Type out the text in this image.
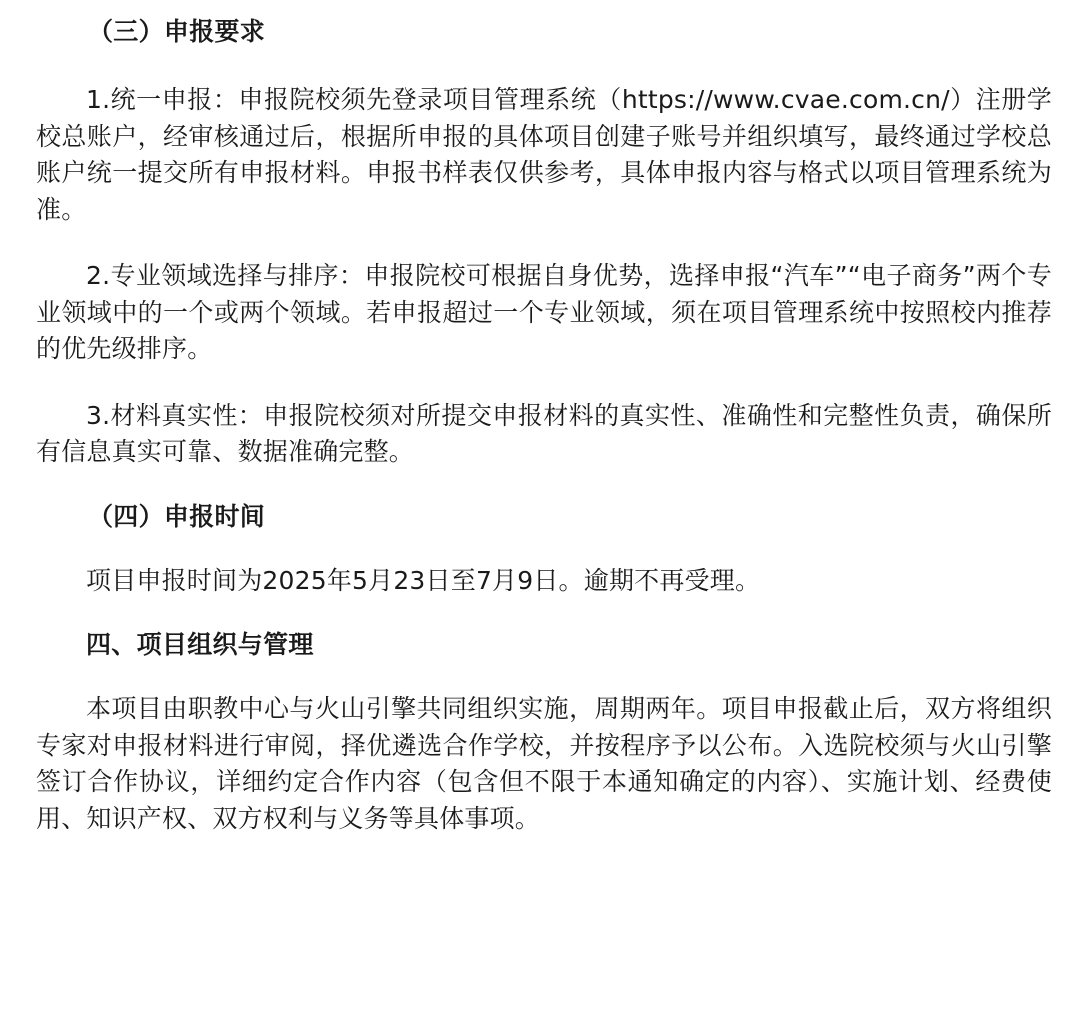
（三）申报要求

1.统一申报：申报院校须先登录项目管理系统（https://www.cvae.com.cn/）注册学校总账户，经审核通过后，根据所申报的具体项目创建子账号并组织填写，最终通过学校总账户统一提交所有申报材料。申报书样表仅供参考，具体申报内容与格式以项目管理系统为准。

2.专业领域选择与排序：申报院校可根据自身优势，选择申报“汽车”“电子商务”两个专业领域中的一个或两个领域。若申报超过一个专业领域，须在项目管理系统中按照校内推荐的优先级排序。

3.材料真实性：申报院校须对所提交申报材料的真实性、准确性和完整性负责，确保所有信息真实可靠、数据准确完整。

（四）申报时间

项目申报时间为2025年5月23日至7月9日。逾期不再受理。

四、项目组织与管理

本项目由职教中心与火山引擎共同组织实施，周期两年。项目申报截止后，双方将组织专家对申报材料进行审阅，择优遴选合作学校，并按程序予以公布。入选院校须与火山引擎签订合作协议，详细约定合作内容（包含但不限于本通知确定的内容）、实施计划、经费使用、知识产权、双方权利与义务等具体事项。
